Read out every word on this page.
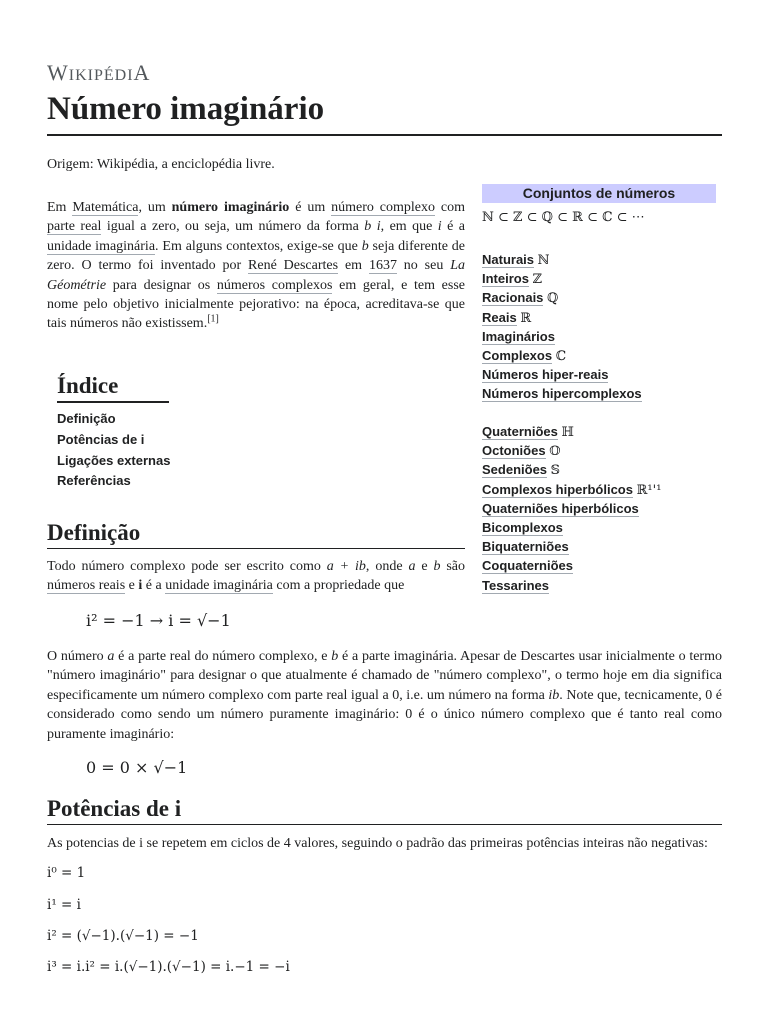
WIKIPÉDIA
Número imaginário
Origem: Wikipédia, a enciclopédia livre.

Em Matemática, um número imaginário é um número complexo com parte real igual a zero, ou seja, um número da forma b i, em que i é a unidade imaginária. Em alguns contextos, exige-se que b seja diferente de zero. O termo foi inventado por René Descartes em 1637 no seu La Géométrie para designar os números complexos em geral, e tem esse nome pelo objetivo inicialmente pejorativo: na época, acreditava-se que tais números não existissem.[1]

Índice
Definição
Potências de i
Ligações externas
Referências
Definição

Todo número complexo pode ser escrito como a + ib, onde a e b são números reais e i é a unidade imaginária com a propriedade que

i² = −1 → i = √−1

O número a é a parte real do número complexo, e b é a parte imaginária. Apesar de Descartes usar inicialmente o termo "número imaginário" para designar o que atualmente é chamado de "número complexo", o termo hoje em dia significa especificamente um número complexo com parte real igual a 0, i.e. um número na forma ib. Note que, tecnicamente, 0 é considerado como sendo um número puramente imaginário: 0 é o único número complexo que é tanto real como puramente imaginário:

0 = 0 × √−1
Potências de i

As potencias de i se repetem em ciclos de 4 valores, seguindo o padrão das primeiras potências inteiras não negativas:

i⁰ = 1
i¹ = i
i² = (√−1).(√−1) = −1
i³ = i.i² = i.(√−1).(√−1) = i.−1 = −i
Conjuntos de números
ℕ ⊂ ℤ ⊂ ℚ ⊂ ℝ ⊂ ℂ ⊂ ⋯
Naturais ℕ
Inteiros ℤ
Racionais ℚ
Reais ℝ
Imaginários
Complexos ℂ
Números hiper-reais
Números hipercomplexos
Quaterniões ℍ
Octoniões 𝕆
Sedeniões 𝕊
Complexos hiperbólicos ℝ¹'¹
Quaterniões hiperbólicos
Bicomplexos
Biquaterniões
Coquaterniões
Tessarines
